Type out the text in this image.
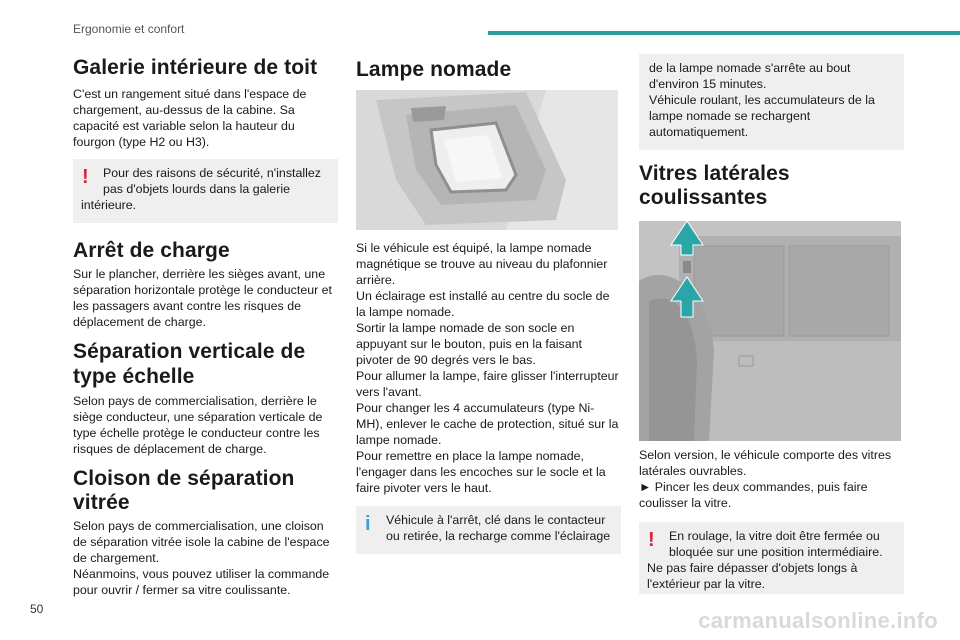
Ergonomie et confort
Galerie intérieure de toit

C'est un rangement situé dans l'espace de chargement, au-dessus de la cabine. Sa capacité est variable selon la hauteur du fourgon (type H2 ou H3).

!	Pour des raisons de sécurité, n'installez pas d'objets lourds dans la galerie
intérieure.
Arrêt de charge

Sur le plancher, derrière les sièges avant, une séparation horizontale protège le conducteur et les passagers avant contre les risques de déplacement de charge.

Séparation verticale de type échelle

Selon pays de commercialisation, derrière le siège conducteur, une séparation verticale de type échelle protège le conducteur contre les risques de déplacement de charge.

Cloison de séparation vitrée

Selon pays de commercialisation, une cloison de séparation vitrée isole la cabine de l'espace de chargement.

Néanmoins, vous pouvez utiliser la commande pour ouvrir / fermer sa vitre coulissante.

Lampe nomade

Si le véhicule est équipé, la lampe nomade magnétique se trouve au niveau du plafonnier arrière.

Un éclairage est installé au centre du socle de la lampe nomade.

Sortir la lampe nomade de son socle en appuyant sur le bouton, puis en la faisant pivoter de 90 degrés vers le bas.

Pour allumer la lampe, faire glisser l'interrupteur vers l'avant.

Pour changer les 4 accumulateurs (type Ni-MH), enlever le cache de protection, situé sur la lampe nomade.

Pour remettre en place la lampe nomade, l'engager dans les encoches sur le socle et la faire pivoter vers le haut.

i	Véhicule à l'arrêt, clé dans le contacteur ou retirée, la recharge comme l'éclairage
de la lampe nomade s'arrête au bout d'environ 15 minutes.
Véhicule roulant, les accumulateurs de la lampe nomade se rechargent automatiquement.
Vitres latérales coulissantes

Selon version, le véhicule comporte des vitres latérales ouvrables.

► Pincer les deux commandes, puis faire coulisser la vitre.

!	En roulage, la vitre doit être fermée ou bloquée sur une position intermédiaire.
Ne pas faire dépasser d'objets longs à l'extérieur par la vitre.
50	carmanualsonline.info
